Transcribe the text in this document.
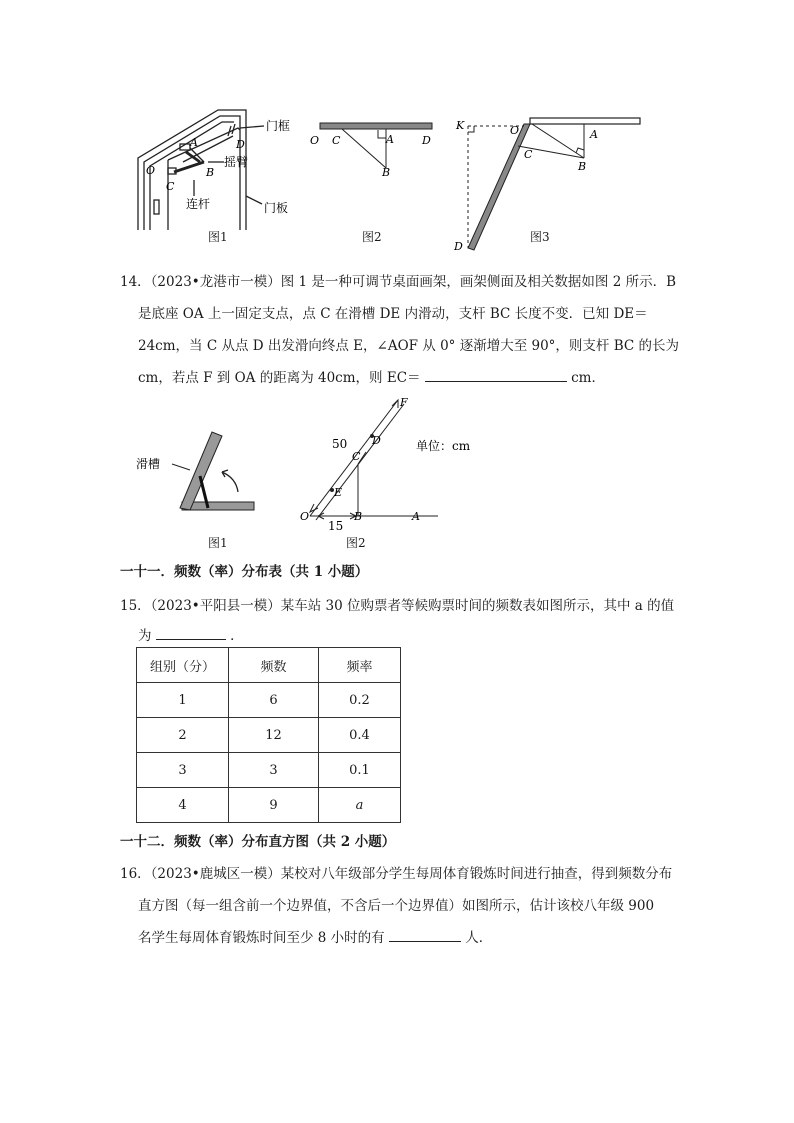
门框
摇臂
连杆	门板
O
A	D
B
C
图1
O C	A	D
B
图2
K	O	A
C
B
D
图3
14．（2023•龙港市一模）图 1 是一种可调节桌面画架，画架侧面及相关数据如图 2 所示．B
是底座 OA 上一固定支点，点 C 在滑槽 DE 内滑动，支杆 BC 长度不变．已知 DE＝
24cm，当 C 从点 D 出发滑向终点 E，∠AOF 从 0° 逐渐增大至 90°，则支杆 BC 的长为
cm，若点 F 到 OA 的距离为 40cm，则 EC＝	cm．
滑槽
图1
F
D
C
E
O	B	A
50
15
单位：cm
图2
一十一．频数（率）分布表（共 1 小题）
15．（2023•平阳县一模）某车站 30 位购票者等候购票时间的频数表如图所示，其中 a 的值
为	．
组别（分）	频数	频率
1	6	0.2
2	12	0.4
3	3	0.1
4	9	a
一十二．频数（率）分布直方图（共 2 小题）
16．（2023•鹿城区一模）某校对八年级部分学生每周体育锻炼时间进行抽查，得到频数分布
直方图（每一组含前一个边界值，不含后一个边界值）如图所示，估计该校八年级 900
名学生每周体育锻炼时间至少 8 小时的有	人．
